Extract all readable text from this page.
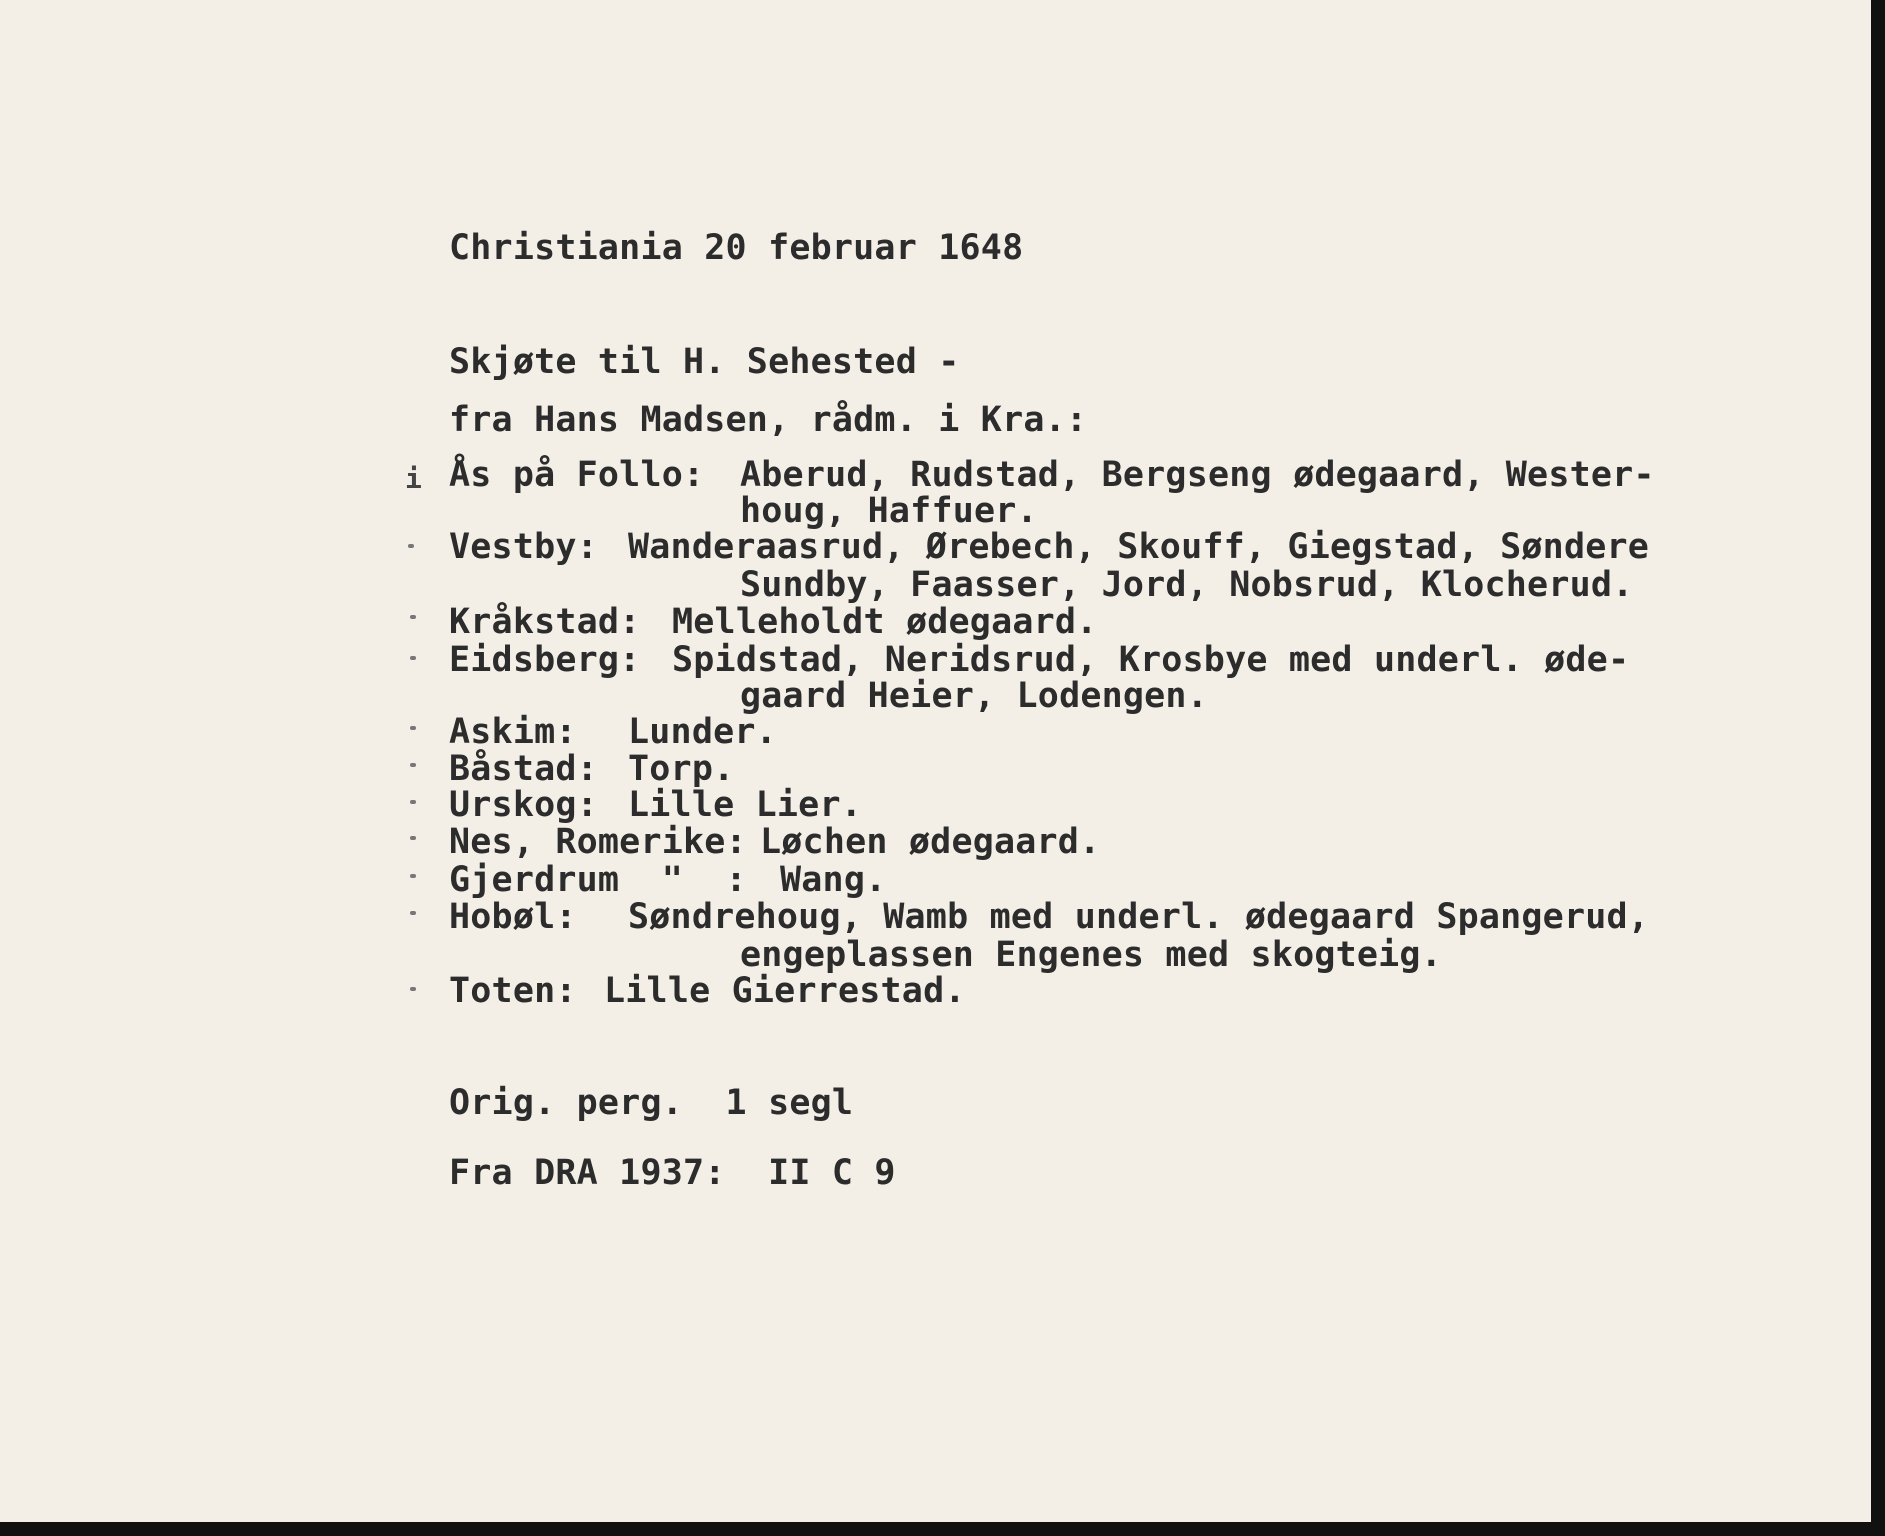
Christiania 20 februar 1648
Skjøte til H. Sehested -
fra Hans Madsen, rådm. i Kra.:
i Ås på Follo: Aberud, Rudstad, Bergseng ødegaard, Wester-
houg, Haffuer.
Vestby: Wanderaasrud, Ørebech, Skouff, Giegstad, Søndere
Sundby, Faasser, Jord, Nobsrud, Klocherud.
Kråkstad: Melleholdt ødegaard.
Eidsberg: Spidstad, Neridsrud, Krosbye med underl. øde-
gaard Heier, Lodengen.
Askim: Lunder.
Båstad: Torp.
Urskog: Lille Lier.
Nes, Romerike: Løchen ødegaard.
Gjerdrum  "  : Wang.
Hobøl: Søndrehoug, Wamb med underl. ødegaard Spangerud,
engeplassen Engenes med skogteig.
Toten: Lille Gierrestad.
Orig. perg.  1 segl
Fra DRA 1937:  II C 9
